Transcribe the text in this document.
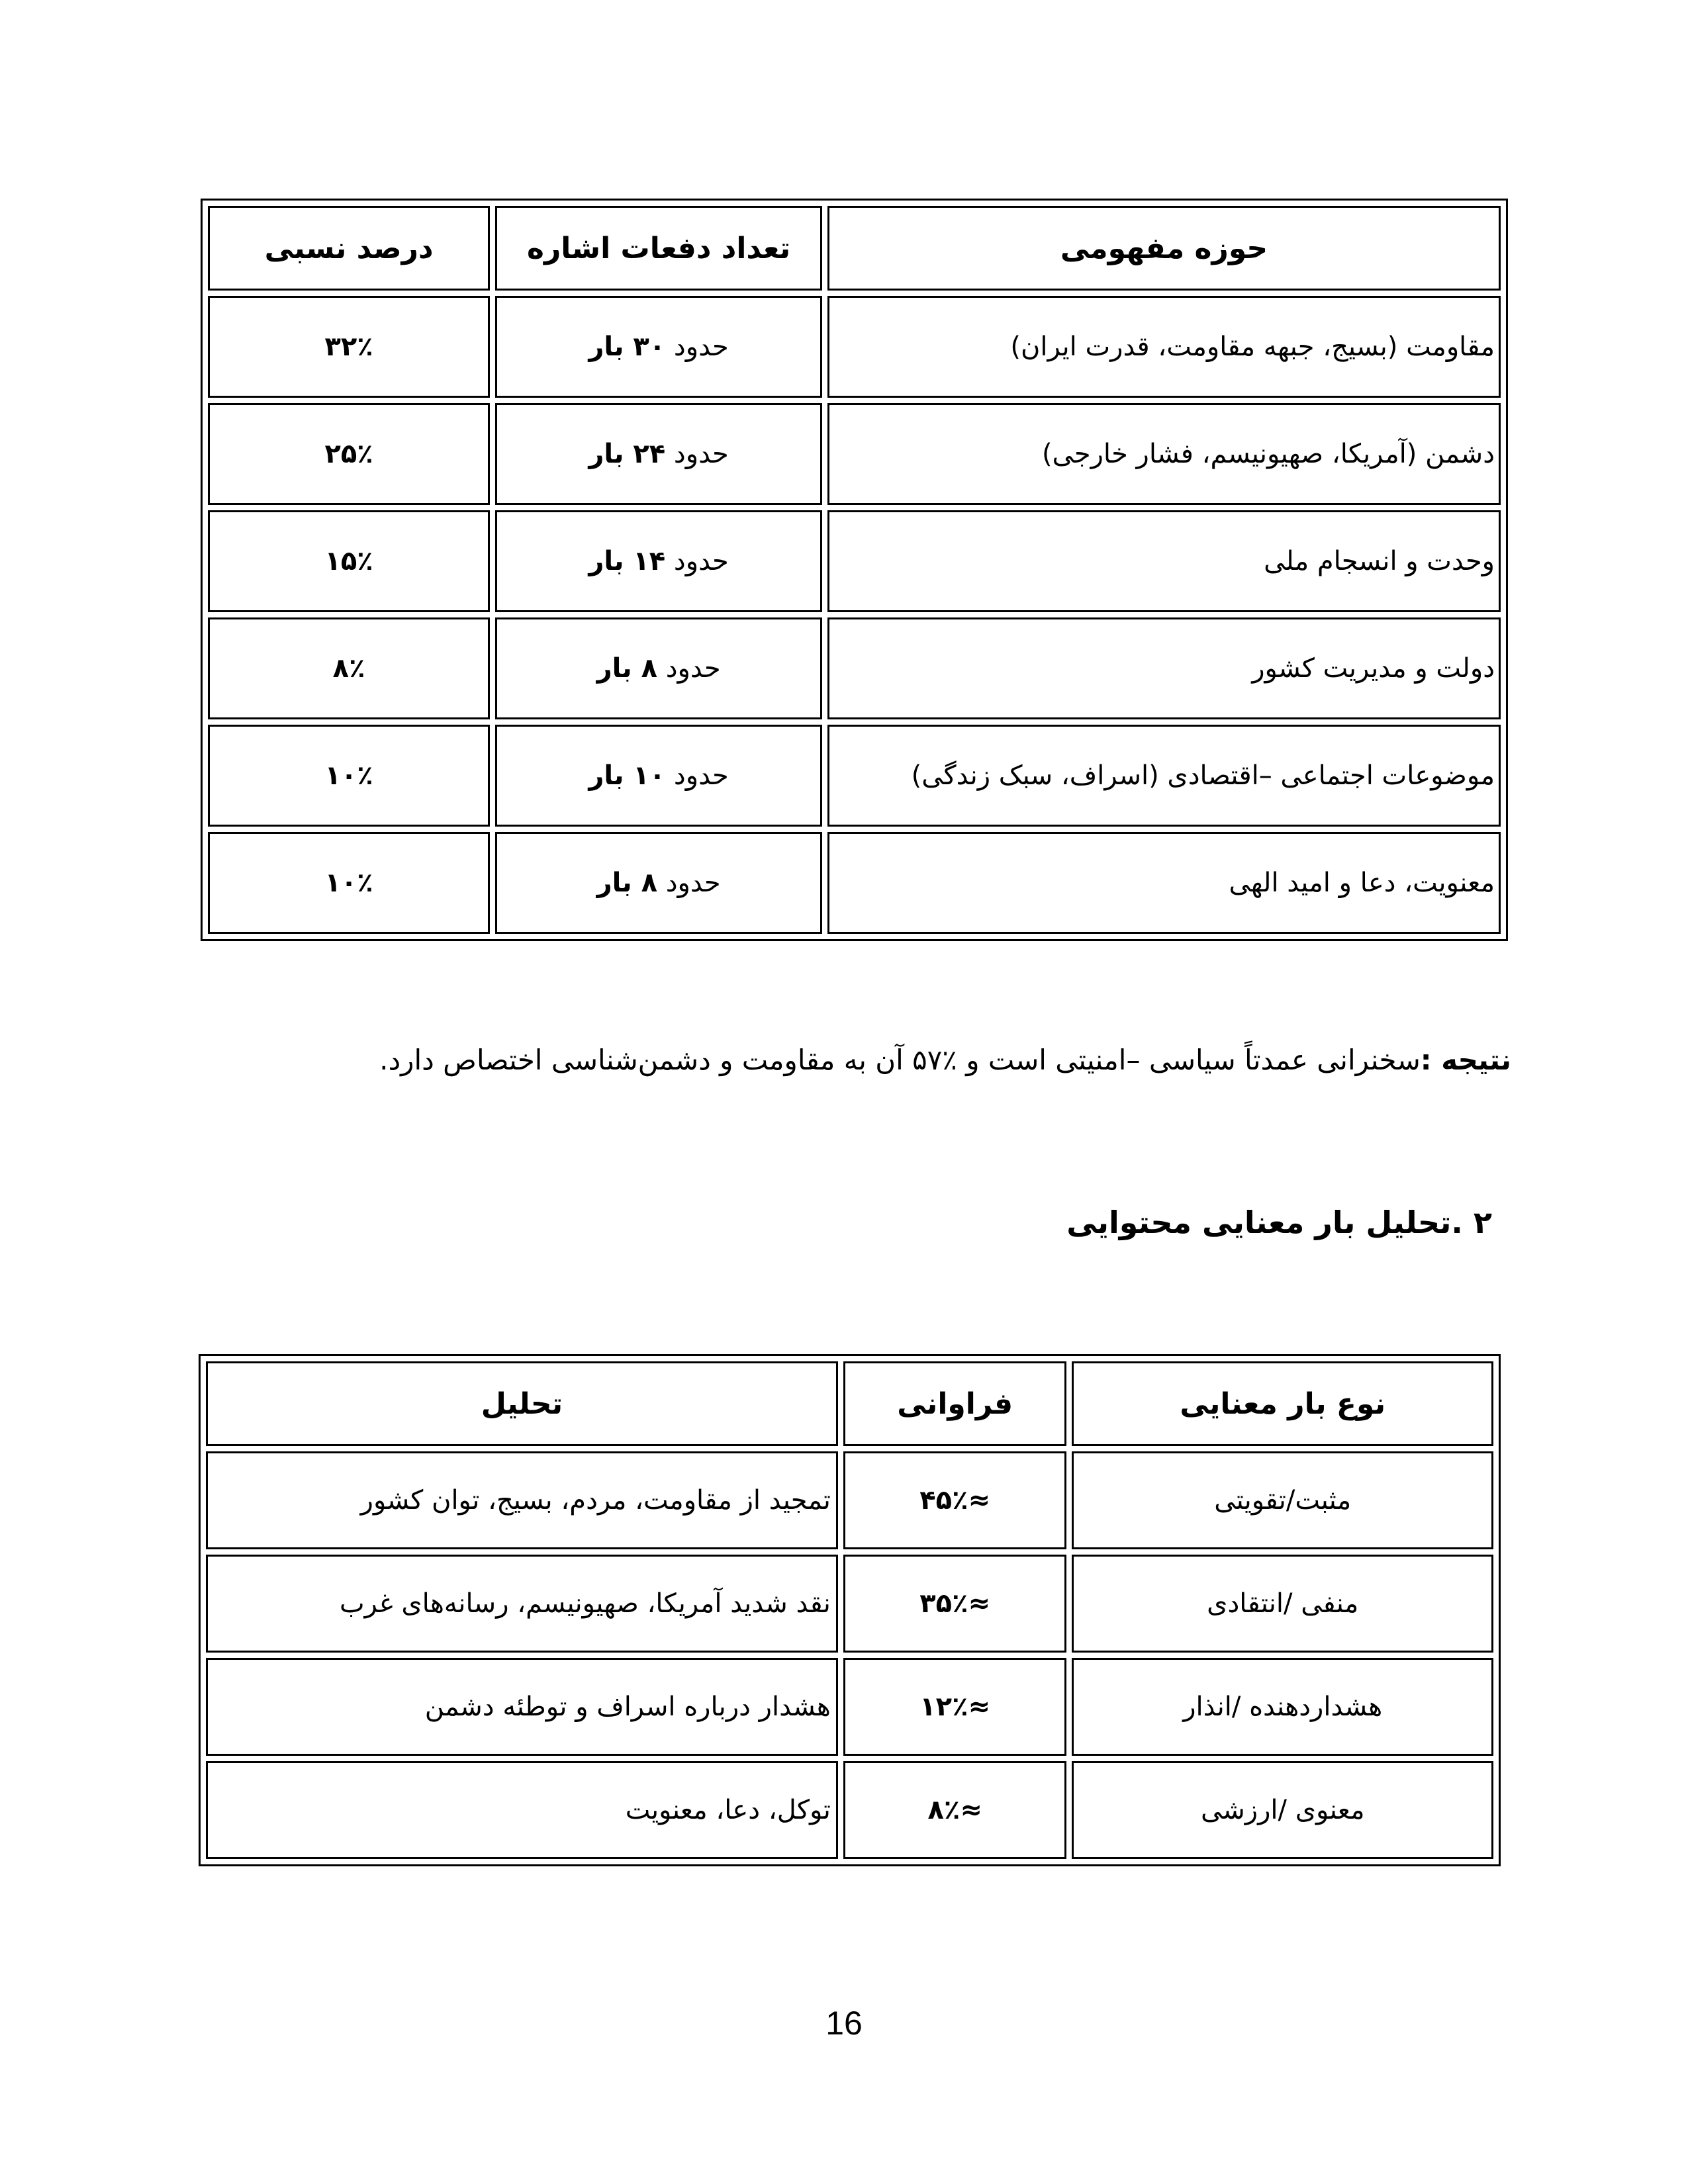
حوزه مفهومی	تعداد دفعات اشاره	درصد نسبی
مقاومت (بسیج، جبهه مقاومت، قدرت ایران)	حدود ۳۰ بار	۳۲٪
دشمن (آمریکا، صهیونیسم، فشار خارجی)	حدود ۲۴ بار	۲۵٪
وحدت و انسجام ملی	حدود ۱۴ بار	۱۵٪
دولت و مدیریت کشور	حدود ۸ بار	۸٪
موضوعات اجتماعی –اقتصادی (اسراف، سبک زندگی)	حدود ۱۰ بار	۱۰٪
معنویت، دعا و امید الهی	حدود ۸ بار	۱۰٪

نتیجه :سخنرانی عمدتاً سیاسی –امنیتی است و ٪۵۷ آن به مقاومت و دشمن‌شناسی اختصاص دارد.

۲ .تحلیل بار معنایی محتوایی
نوع بار معنایی	فراوانی	تحلیل
مثبت/تقویتی	≈۴۵٪	تمجید از مقاومت، مردم، بسیج، توان کشور
منفی /انتقادی	≈۳۵٪	نقد شدید آمریکا، صهیونیسم، رسانه‌های غرب
هشداردهنده /انذار	≈۱۲٪	هشدار درباره اسراف و توطئه دشمن
معنوی /ارزشی	≈۸٪	توکل، دعا، معنویت
16
